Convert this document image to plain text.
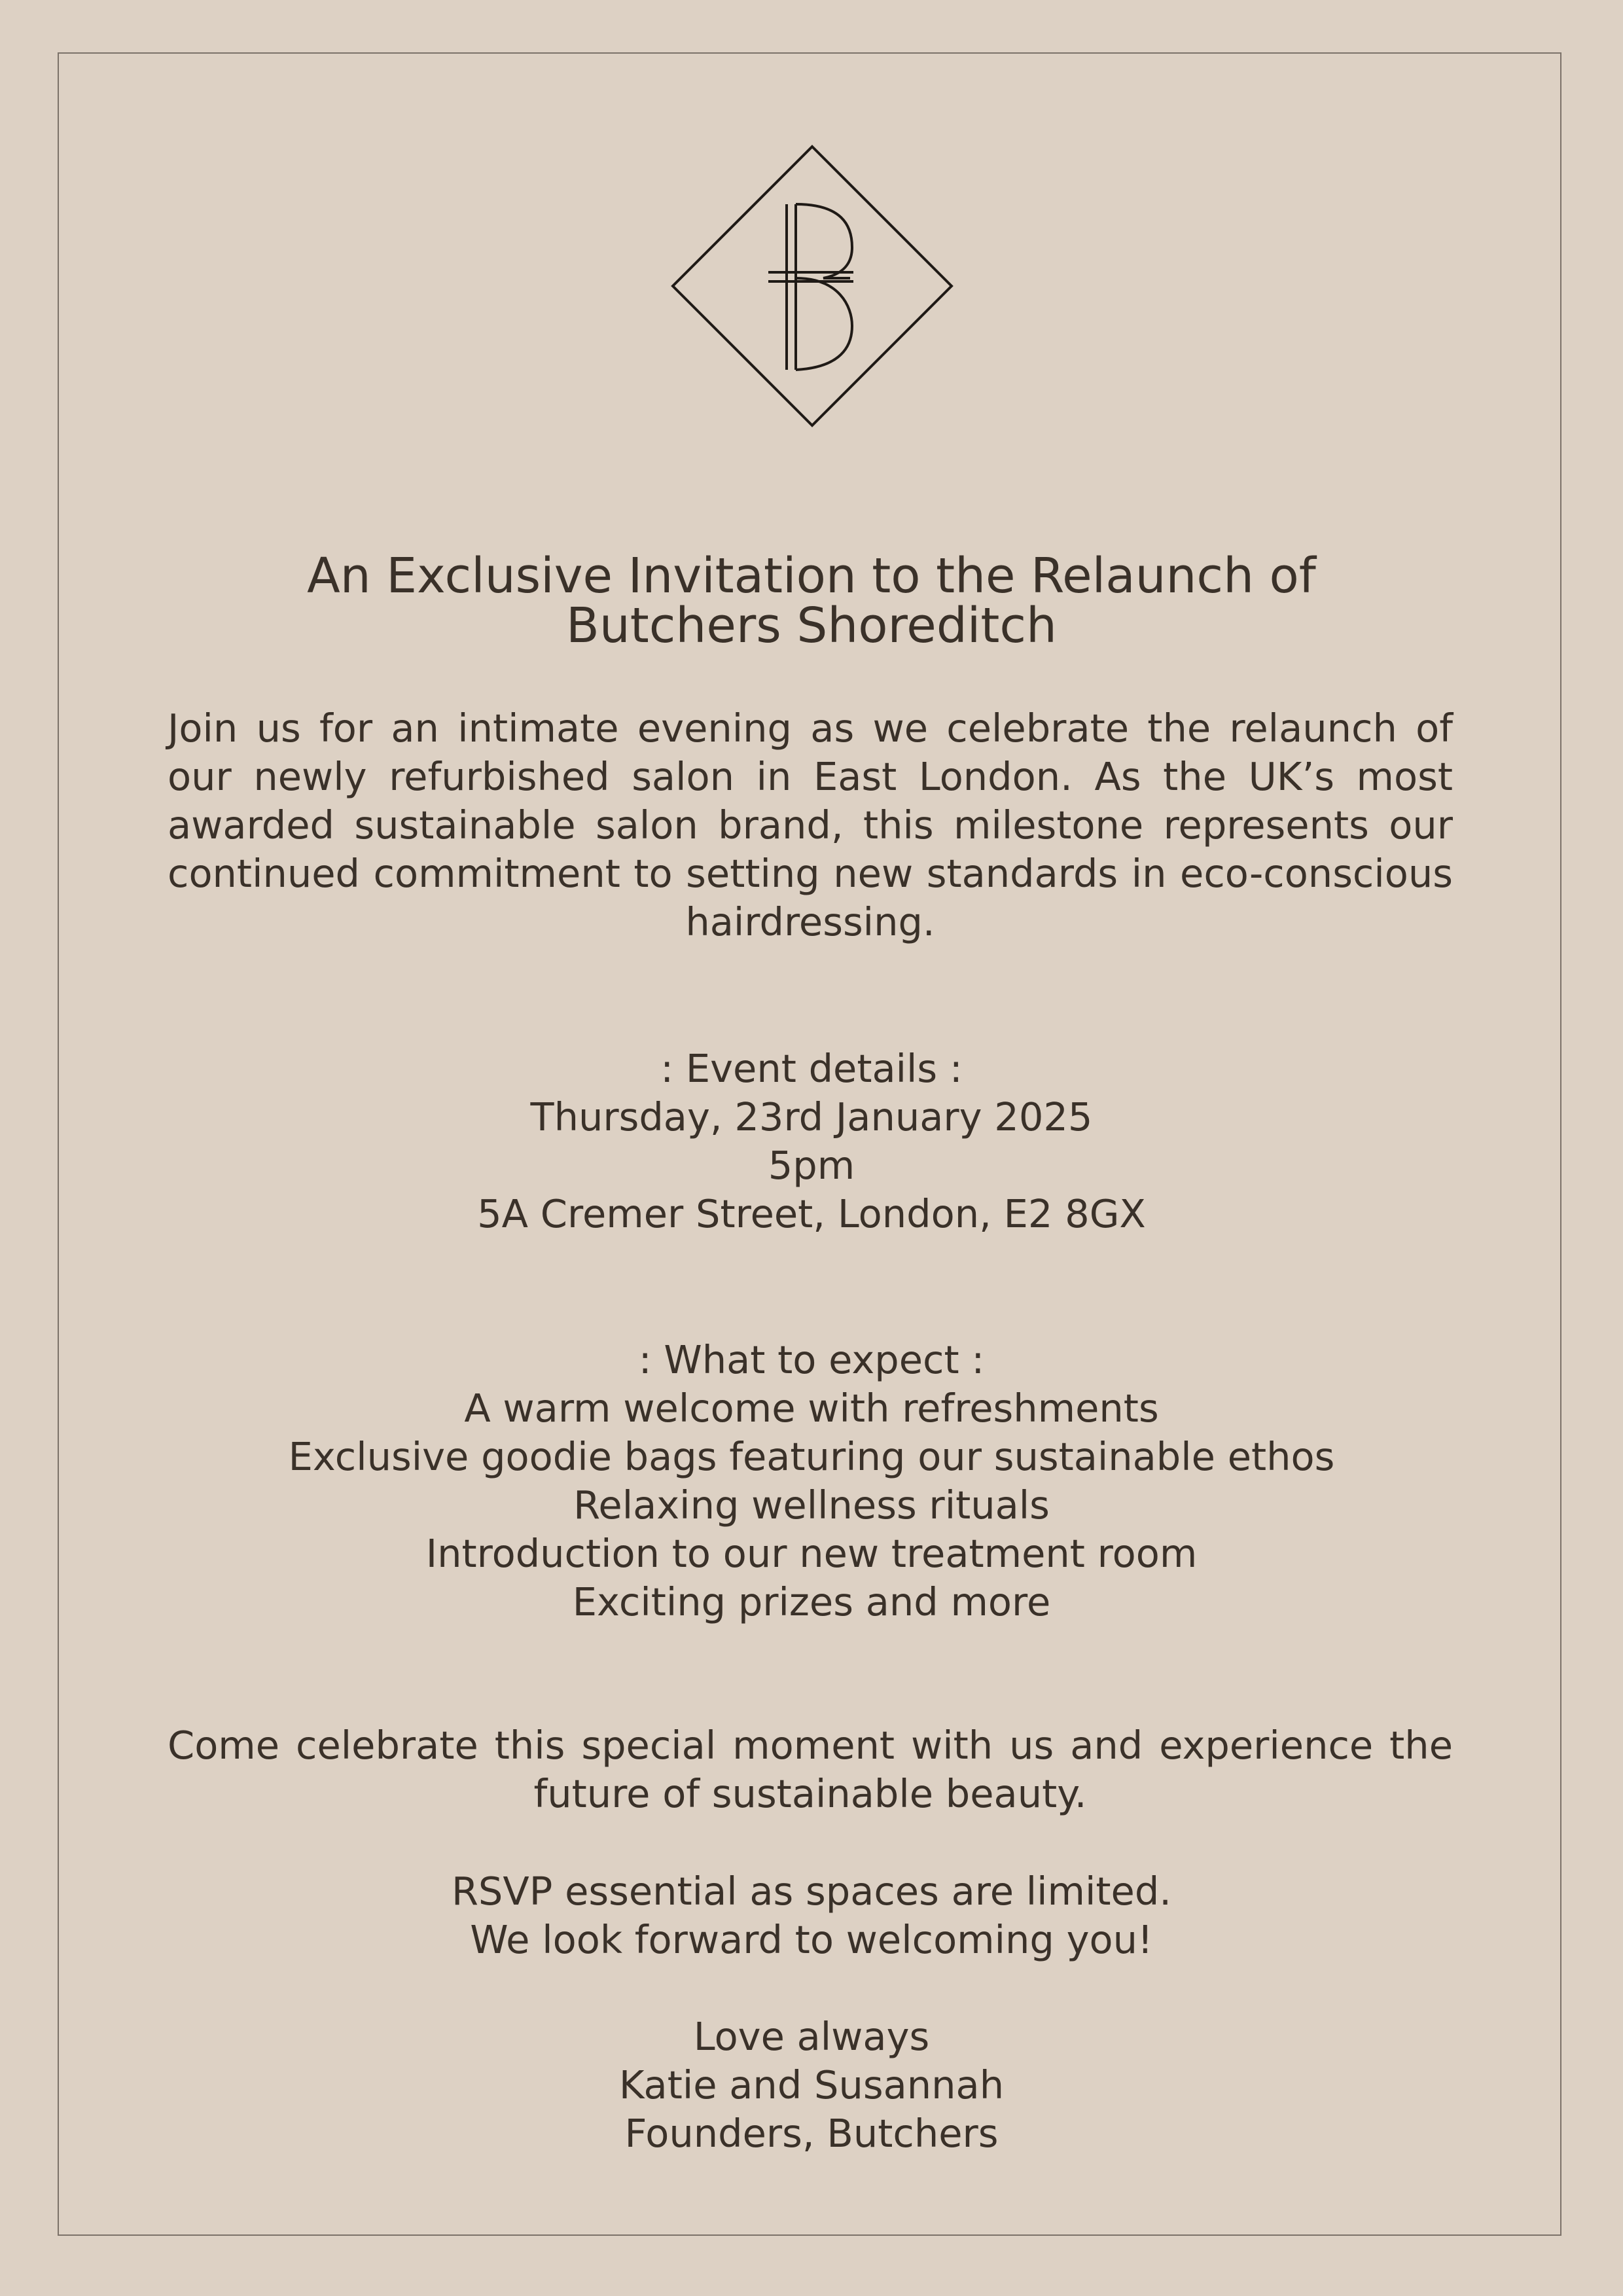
An Exclusive Invitation to the Relaunch of
Butchers Shoreditch

Join us for an intimate evening as we celebrate the relaunch of our newly refurbished salon in East London. As the UK’s most awarded sustainable salon brand, this milestone represents our continued commitment to setting new standards in eco-conscious hairdressing.

: Event details :
Thursday, 23rd January 2025
5pm
5A Cremer Street, London, E2 8GX
: What to expect :
A warm welcome with refreshments
Exclusive goodie bags featuring our sustainable ethos
Relaxing wellness rituals
Introduction to our new treatment room
Exciting prizes and more

Come celebrate this special moment with us and experience the future of sustainable beauty.

RSVP essential as spaces are limited.
We look forward to welcoming you!
Love always
Katie and Susannah
Founders, Butchers
